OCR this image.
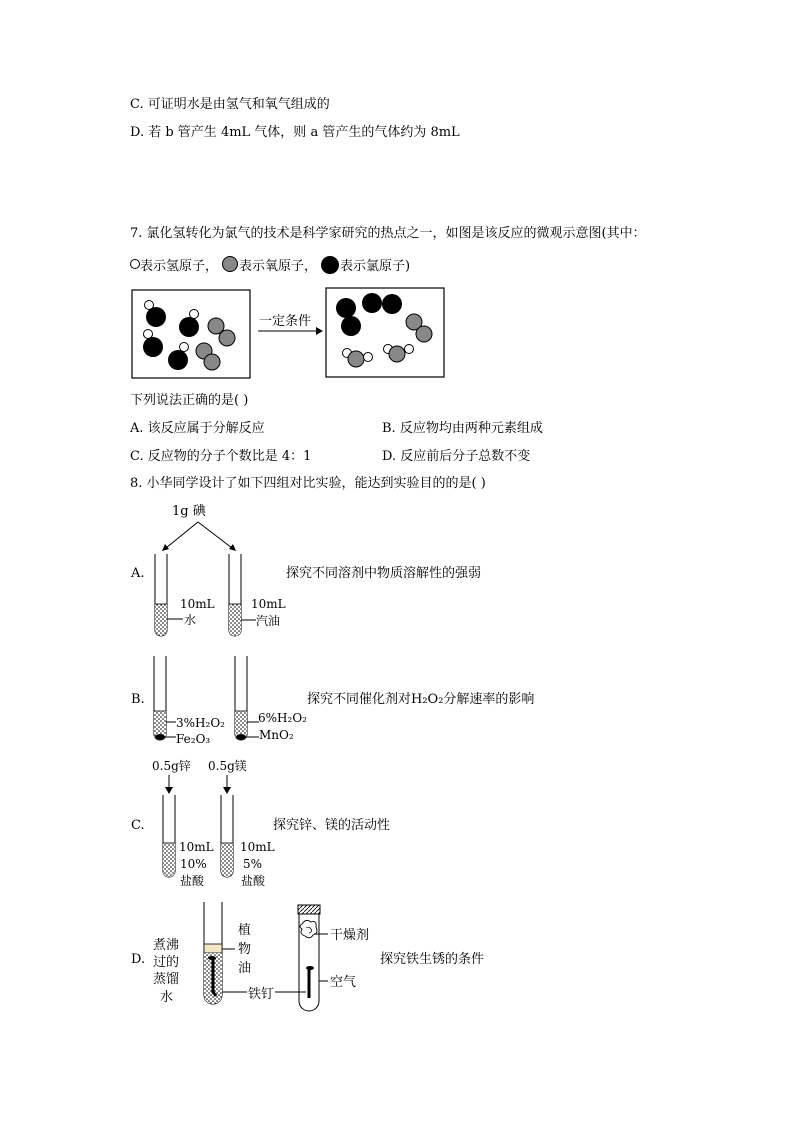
C. 可证明水是由氢气和氧气组成的
D. 若 b 管产生 4mL 气体，则 a 管产生的气体约为 8mL
7. 氯化氢转化为氯气的技术是科学家研究的热点之一，如图是该反应的微观示意图(其中：
表示氢原子， 表示氧原子， 表示氯原子)
一定条件
下列说法正确的是( )
A. 该反应属于分解反应	B. 反应物均由两种元素组成
C. 反应物的分子个数比是 4：1	D. 反应前后分子总数不变
8. 小华同学设计了如下四组对比实验，能达到实验目的的是( )
A.
1g 碘
10mL
水
10mL
汽油
探究不同溶剂中物质溶解性的强弱
B.
3%H₂O₂
Fe₂O₃
6%H₂O₂
MnO₂
探究不同催化剂对H₂O₂分解速率的影响
C.
0.5g锌 0.5g镁
10mL
10%
盐酸
10mL
5%
盐酸
探究锌、镁的活动性
D.
煮沸
过的
蒸馏
水
植
物
油
铁钉
干燥剂
空气
探究铁生锈的条件
